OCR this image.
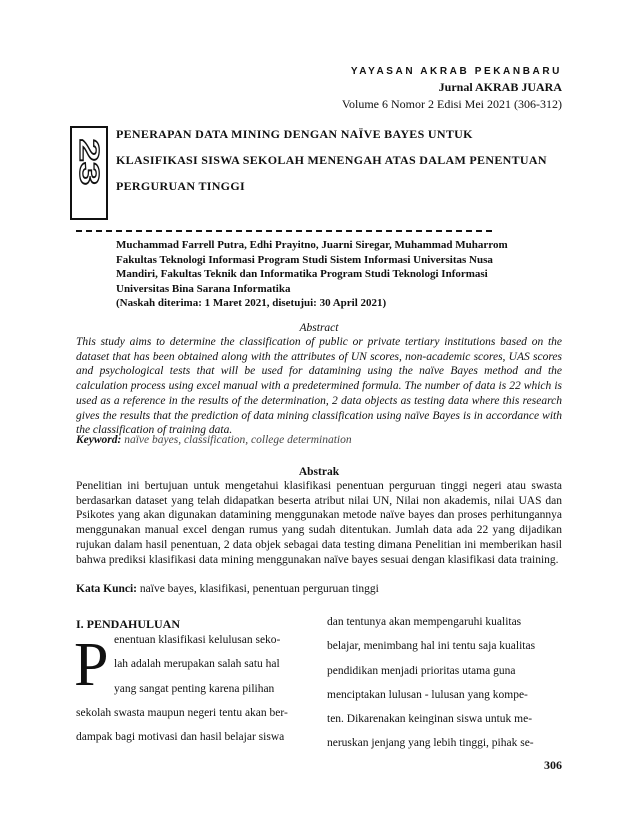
YAYASAN AKRAB PEKANBARU
Jurnal AKRAB JUARA
Volume 6 Nomor 2 Edisi Mei 2021 (306-312)
23
PENERAPAN DATA MINING DENGAN NAÏVE BAYES UNTUK
KLASIFIKASI SISWA SEKOLAH MENENGAH ATAS DALAM PENENTUAN
PERGURUAN TINGGI
Muchammad Farrell Putra, Edhi Prayitno, Juarni Siregar, Muhammad Muharrom
Fakultas Teknologi Informasi Program Studi Sistem Informasi Universitas Nusa
Mandiri, Fakultas Teknik dan Informatika Program Studi Teknologi Informasi
Universitas Bina Sarana Informatika
(Naskah diterima: 1 Maret 2021, disetujui: 30 April 2021)
Abstract
This study aims to determine the classification of public or private tertiary institutions based on the dataset that has been obtained along with the attributes of UN scores, non-academic scores, UAS scores and psychological tests that will be used for datamining using the naïve Bayes method and the calculation process using excel manual with a predetermined formula. The number of data is 22 which is used as a reference in the results of the determination, 2 data objects as testing data where this research gives the results that the prediction of data mining classification using naïve Bayes is in accordance with the classification of training data.
Keyword: naïve bayes, classification, college determination
Abstrak
Penelitian ini bertujuan untuk mengetahui klasifikasi penentuan perguruan tinggi negeri atau swasta berdasarkan dataset yang telah didapatkan beserta atribut nilai UN, Nilai non akademis, nilai UAS dan Psikotes yang akan digunakan datamining menggunakan metode naïve bayes dan proses perhitungannya menggunakan manual excel dengan rumus yang sudah ditentukan. Jumlah data ada 22 yang dijadikan rujukan dalam hasil penentuan, 2 data objek sebagai data testing dimana Penelitian ini memberikan hasil bahwa prediksi klasifikasi data mining menggunakan naïve bayes sesuai dengan klasifikasi data training.
Kata Kunci: naïve bayes, klasifikasi, penentuan perguruan tinggi
I. PENDAHULUAN
P enentuan klasifikasi kelulusan seko-
lah adalah merupakan salah satu hal
yang sangat penting karena pilihan
sekolah swasta maupun negeri tentu akan ber-
dampak bagi motivasi dan hasil belajar siswa
dan tentunya akan mempengaruhi kualitas
belajar, menimbang hal ini tentu saja kualitas
pendidikan menjadi prioritas utama guna
menciptakan lulusan - lulusan yang kompe-
ten. Dikarenakan keinginan siswa untuk me-
neruskan jenjang yang lebih tinggi, pihak se-
306
